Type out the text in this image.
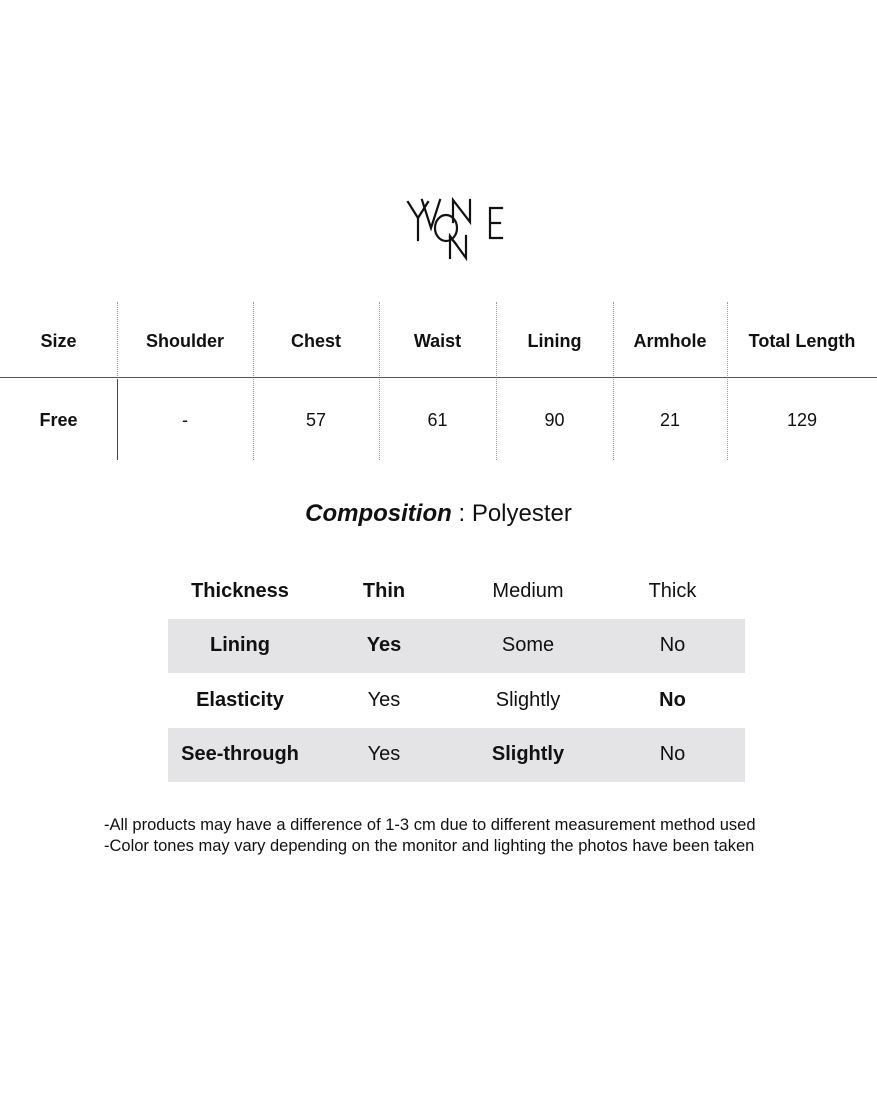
Size	Shoulder	Chest	Waist	Lining	Armhole	Total Length
Free	-	57	61	90	21	129
Composition : Polyester
Thickness	Thin	Medium	Thick
Lining	Yes	Some	No
Elasticity	Yes	Slightly	No
See-through	Yes	Slightly	No
-All products may have a difference of 1-3 cm due to different measurement method used
-Color tones may vary depending on the monitor and lighting the photos have been taken
